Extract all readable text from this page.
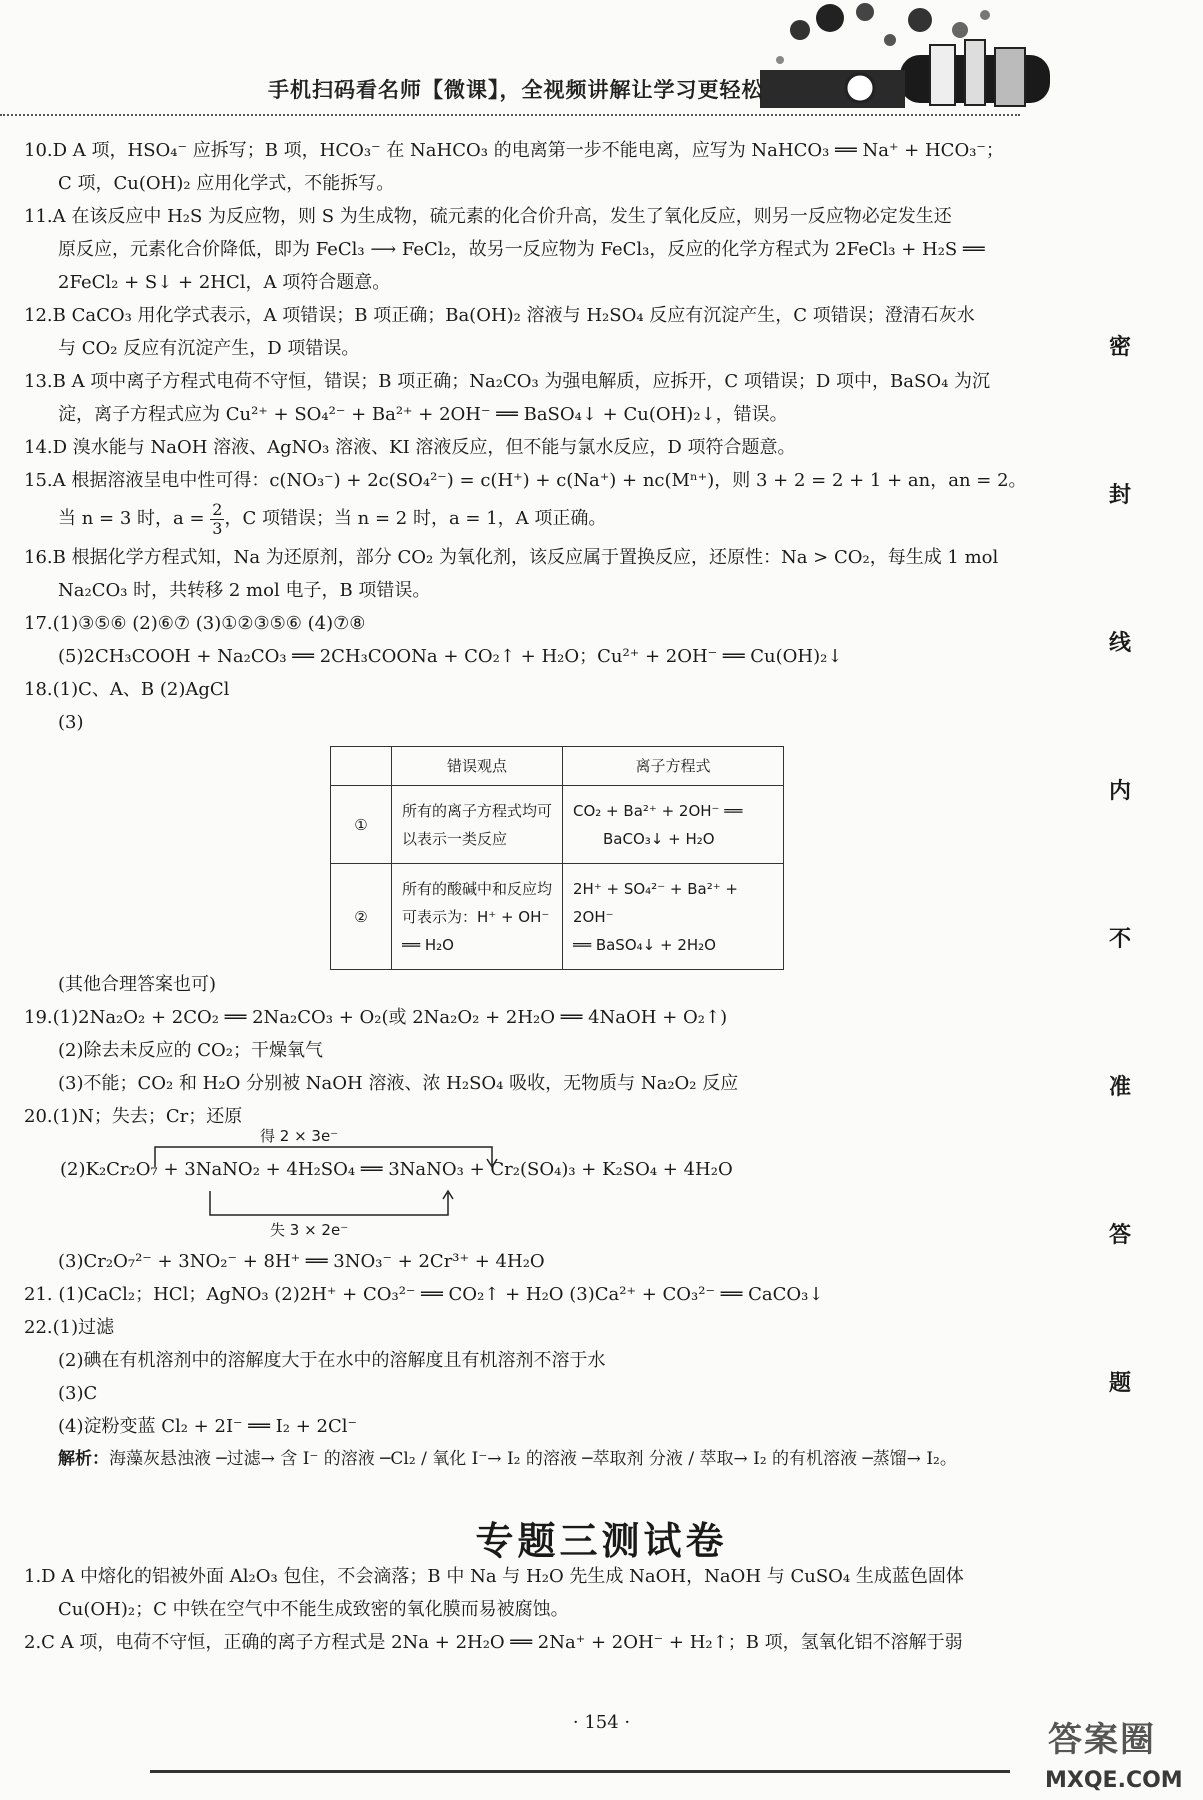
手机扫码看名师【微课】，全视频讲解让学习更轻松
10.D A 项，HSO₄⁻ 应拆写；B 项，HCO₃⁻ 在 NaHCO₃ 的电离第一步不能电离，应写为 NaHCO₃ ══ Na⁺ + HCO₃⁻；
C 项，Cu(OH)₂ 应用化学式，不能拆写。
11.A 在该反应中 H₂S 为反应物，则 S 为生成物，硫元素的化合价升高，发生了氧化反应，则另一反应物必定发生还
原反应，元素化合价降低，即为 FeCl₃ ⟶ FeCl₂，故另一反应物为 FeCl₃，反应的化学方程式为 2FeCl₃ + H₂S ══
2FeCl₂ + S↓ + 2HCl，A 项符合题意。
12.B CaCO₃ 用化学式表示，A 项错误；B 项正确；Ba(OH)₂ 溶液与 H₂SO₄ 反应有沉淀产生，C 项错误；澄清石灰水
与 CO₂ 反应有沉淀产生，D 项错误。
13.B A 项中离子方程式电荷不守恒，错误；B 项正确；Na₂CO₃ 为强电解质，应拆开，C 项错误；D 项中，BaSO₄ 为沉
淀，离子方程式应为 Cu²⁺ + SO₄²⁻ + Ba²⁺ + 2OH⁻ ══ BaSO₄↓ + Cu(OH)₂↓，错误。
14.D 溴水能与 NaOH 溶液、AgNO₃ 溶液、KI 溶液反应，但不能与氯水反应，D 项符合题意。
15.A 根据溶液呈电中性可得：c(NO₃⁻) + 2c(SO₄²⁻) = c(H⁺) + c(Na⁺) + nc(Mⁿ⁺)，则 3 + 2 = 2 + 1 + an，an = 2。
当 n = 3 时，$a = \frac{2}{3}$ ，C 项错误；当 n = 2 时，a = 1，A 项正确。
16.B 根据化学方程式知，Na 为还原剂，部分 CO₂ 为氧化剂，该反应属于置换反应，还原性：Na > CO₂，每生成 1 mol
Na₂CO₃ 时，共转移 2 mol 电子，B 项错误。
17.(1)③⑤⑥ (2)⑥⑦ (3)①②③⑤⑥ (4)⑦⑧
(5)2CH₃COOH + Na₂CO₃ ══ 2CH₃COONa + CO₂↑ + H₂O；Cu²⁺ + 2OH⁻ ══ Cu(OH)₂↓
18.(1)C、A、B (2)AgCl
(3)
	错误观点	离子方程式
①	所有的离子方程式均可以表示一类反应	CO₂ + Ba²⁺ + 2OH⁻ ══
BaCO₃↓ + H₂O

②	所有的酸碱中和反应均可表示为：H⁺ + OH⁻ ══ H₂O	2H⁺ + SO₄²⁻ + Ba²⁺ + 2OH⁻
══ BaSO₄↓ + 2H₂O
(其他合理答案也可)
19.(1)2Na₂O₂ + 2CO₂ ══ 2Na₂CO₃ + O₂(或 2Na₂O₂ + 2H₂O ══ 4NaOH + O₂↑)
(2)除去未反应的 CO₂；干燥氧气
(3)不能；CO₂ 和 H₂O 分别被 NaOH 溶液、浓 H₂SO₄ 吸收，无物质与 Na₂O₂ 反应
20.(1)N；失去；Cr；还原
得 2 × 3e⁻
(2)K₂Cr₂O₇ + 3NaNO₂ + 4H₂SO₄ ══ 3NaNO₃ + Cr₂(SO₄)₃ + K₂SO₄ + 4H₂O
失 3 × 2e⁻
(3)Cr₂O₇²⁻ + 3NO₂⁻ + 8H⁺ ══ 3NO₃⁻ + 2Cr³⁺ + 4H₂O
21. (1)CaCl₂；HCl；AgNO₃ (2)2H⁺ + CO₃²⁻ ══ CO₂↑ + H₂O (3)Ca²⁺ + CO₃²⁻ ══ CaCO₃↓
22.(1)过滤
(2)碘在有机溶剂中的溶解度大于在水中的溶解度且有机溶剂不溶于水
(3)C
(4)淀粉变蓝 Cl₂ + 2I⁻ ══ I₂ + 2Cl⁻
解析：海藻灰悬浊液 ─过滤→ 含 I⁻ 的溶液 ─Cl₂ / 氧化 I⁻→ I₂ 的溶液 ─萃取剂 分液 / 萃取→ I₂ 的有机溶液 ─蒸馏→ I₂。
专题三测试卷
1.D A 中熔化的铝被外面 Al₂O₃ 包住，不会滴落；B 中 Na 与 H₂O 先生成 NaOH，NaOH 与 CuSO₄ 生成蓝色固体
Cu(OH)₂；C 中铁在空气中不能生成致密的氧化膜而易被腐蚀。
2.C A 项，电荷不守恒，正确的离子方程式是 2Na + 2H₂O ══ 2Na⁺ + 2OH⁻ + H₂↑；B 项，氢氧化铝不溶解于弱
密
封
线
内
不
准
答
题
· 154 ·	答案圈
MXQE.COM
